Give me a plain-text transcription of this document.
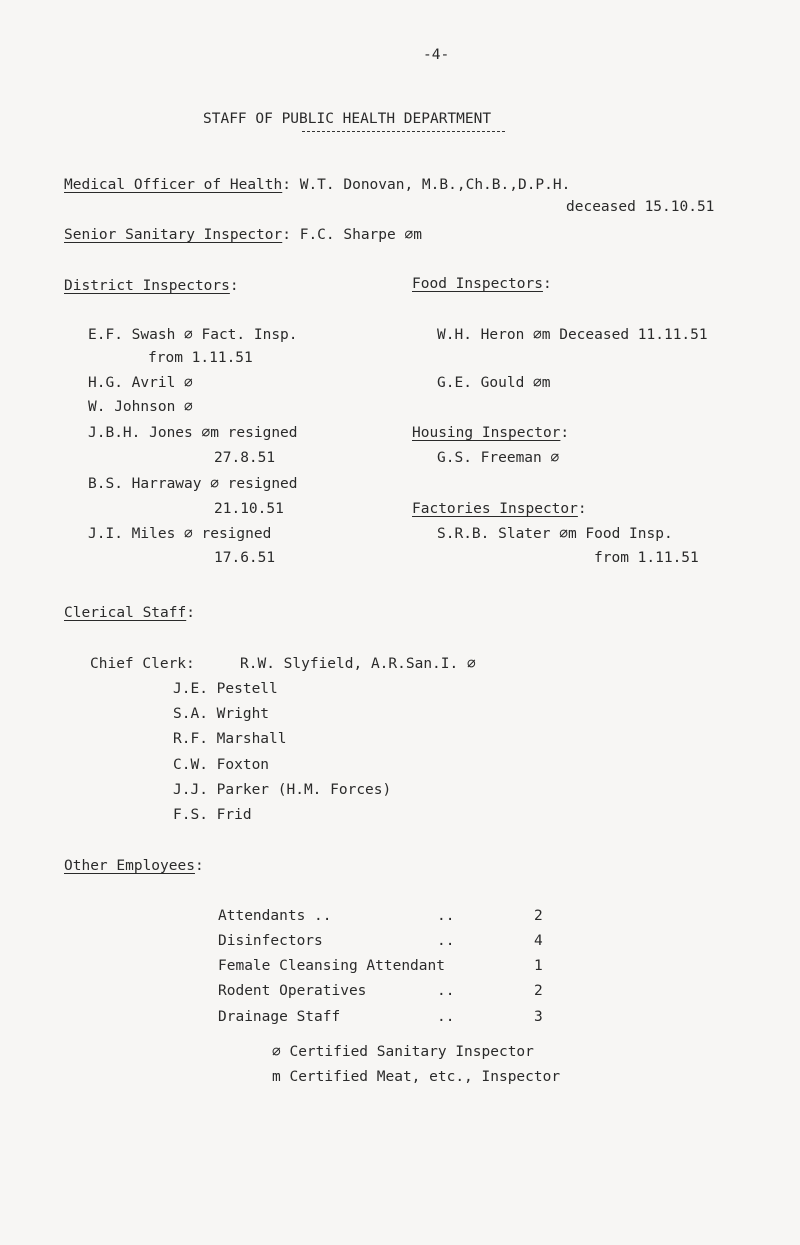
-4-
STAFF OF PUBLIC HEALTH DEPARTMENT
Medical Officer of Health: W.T. Donovan, M.B.,Ch.B.,D.P.H.
deceased 15.10.51
Senior Sanitary Inspector: F.C. Sharpe ∅m
District Inspectors:	Food Inspectors:
E.F. Swash ∅ Fact. Insp.
from 1.11.51
H.G. Avril ∅
W. Johnson ∅
J.B.H. Jones ∅m resigned
27.8.51
B.S. Harraway ∅ resigned
21.10.51
J.I. Miles ∅ resigned
17.6.51
W.H. Heron ∅m Deceased 11.11.51
G.E. Gould ∅m
Housing Inspector:
G.S. Freeman ∅
Factories Inspector:
S.R.B. Slater ∅m Food Insp.
from 1.11.51
Clerical Staff:
Chief Clerk:	R.W. Slyfield, A.R.San.I. ∅
J.E. Pestell
S.A. Wright
R.F. Marshall
C.W. Foxton
J.J. Parker (H.M. Forces)
F.S. Frid
Other Employees:
Attendants ..	..	2
Disinfectors	..	4
Female Cleansing Attendant	1
Rodent Operatives	..	2
Drainage Staff	..	3
∅ Certified Sanitary Inspector
m Certified Meat, etc., Inspector
